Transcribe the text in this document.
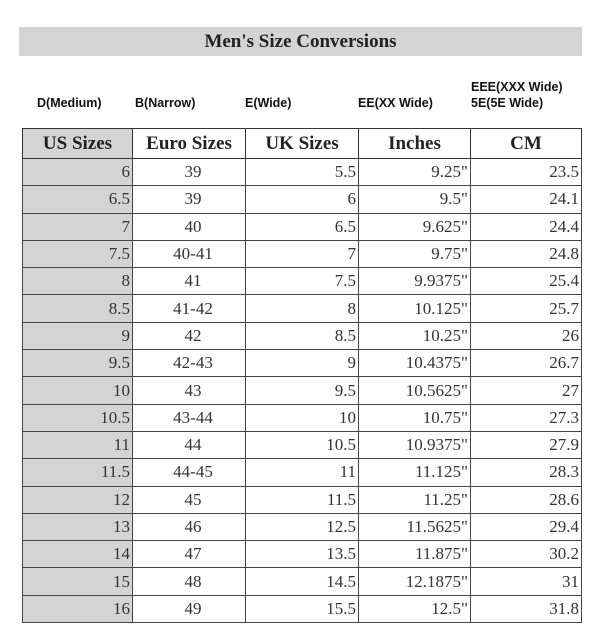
Men's Size Conversions
D(Medium)	B(Narrow)	E(Wide)	EE(XX Wide)
EEE(XXX Wide)
5E(5E Wide)
US Sizes	Euro Sizes	UK Sizes	Inches	CM
6	39	5.5	9.25"	23.5
6.5	39	6	9.5"	24.1
7	40	6.5	9.625"	24.4
7.5	40-41	7	9.75"	24.8
8	41	7.5	9.9375"	25.4
8.5	41-42	8	10.125"	25.7
9	42	8.5	10.25"	26
9.5	42-43	9	10.4375"	26.7
10	43	9.5	10.5625"	27
10.5	43-44	10	10.75"	27.3
11	44	10.5	10.9375"	27.9
11.5	44-45	11	11.125"	28.3
12	45	11.5	11.25"	28.6
13	46	12.5	11.5625"	29.4
14	47	13.5	11.875"	30.2
15	48	14.5	12.1875"	31
16	49	15.5	12.5"	31.8
